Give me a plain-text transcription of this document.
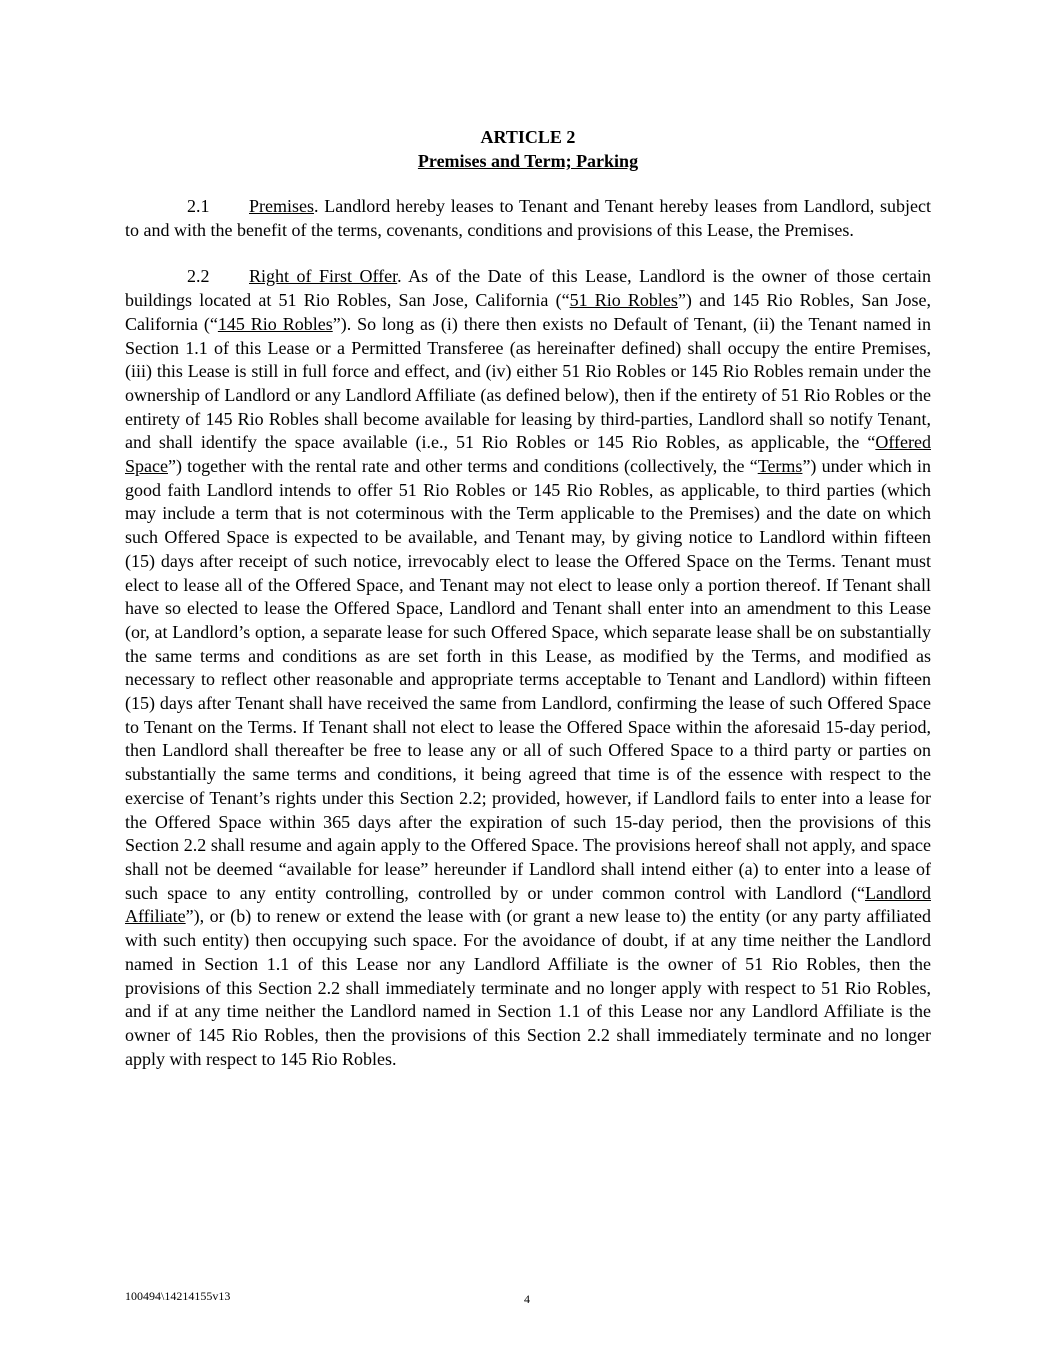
ARTICLE 2
Premises and Term; Parking

2.1 Premises. Landlord hereby leases to Tenant and Tenant hereby leases from Landlord, subject to and with the benefit of the terms, covenants, conditions and provisions of this Lease, the Premises.

2.2 Right of First Offer. As of the Date of this Lease, Landlord is the owner of those certain buildings located at 51 Rio Robles, San Jose, California (“51 Rio Robles”) and 145 Rio Robles, San Jose, California (“145 Rio Robles”). So long as (i) there then exists no Default of Tenant, (ii) the Tenant named in Section 1.1 of this Lease or a Permitted Transferee (as hereinafter defined) shall occupy the entire Premises, (iii) this Lease is still in full force and effect, and (iv) either 51 Rio Robles or 145 Rio Robles remain under the ownership of Landlord or any Landlord Affiliate (as defined below), then if the entirety of 51 Rio Robles or the entirety of 145 Rio Robles shall become available for leasing by third-parties, Landlord shall so notify Tenant, and shall identify the space available (i.e., 51 Rio Robles or 145 Rio Robles, as applicable, the “Offered Space”) together with the rental rate and other terms and conditions (collectively, the “Terms”) under which in good faith Landlord intends to offer 51 Rio Robles or 145 Rio Robles, as applicable, to third parties (which may include a term that is not coterminous with the Term applicable to the Premises) and the date on which such Offered Space is expected to be available, and Tenant may, by giving notice to Landlord within fifteen (15) days after receipt of such notice, irrevocably elect to lease the Offered Space on the Terms. Tenant must elect to lease all of the Offered Space, and Tenant may not elect to lease only a portion thereof. If Tenant shall have so elected to lease the Offered Space, Landlord and Tenant shall enter into an amendment to this Lease (or, at Landlord’s option, a separate lease for such Offered Space, which separate lease shall be on substantially the same terms and conditions as are set forth in this Lease, as modified by the Terms, and modified as necessary to reflect other reasonable and appropriate terms acceptable to Tenant and Landlord) within fifteen (15) days after Tenant shall have received the same from Landlord, confirming the lease of such Offered Space to Tenant on the Terms. If Tenant shall not elect to lease the Offered Space within the aforesaid 15-day period, then Landlord shall thereafter be free to lease any or all of such Offered Space to a third party or parties on substantially the same terms and conditions, it being agreed that time is of the essence with respect to the exercise of Tenant’s rights under this Section 2.2; provided, however, if Landlord fails to enter into a lease for the Offered Space within 365 days after the expiration of such 15-day period, then the provisions of this Section 2.2 shall resume and again apply to the Offered Space. The provisions hereof shall not apply, and space shall not be deemed “available for lease” hereunder if Landlord shall intend either (a) to enter into a lease of such space to any entity controlling, controlled by or under common control with Landlord (“Landlord Affiliate”), or (b) to renew or extend the lease with (or grant a new lease to) the entity (or any party affiliated with such entity) then occupying such space. For the avoidance of doubt, if at any time neither the Landlord named in Section 1.1 of this Lease nor any Landlord Affiliate is the owner of 51 Rio Robles, then the provisions of this Section 2.2 shall immediately terminate and no longer apply with respect to 51 Rio Robles, and if at any time neither the Landlord named in Section 1.1 of this Lease nor any Landlord Affiliate is the owner of 145 Rio Robles, then the provisions of this Section 2.2 shall immediately terminate and no longer apply with respect to 145 Rio Robles.

100494\14214155v13	4
